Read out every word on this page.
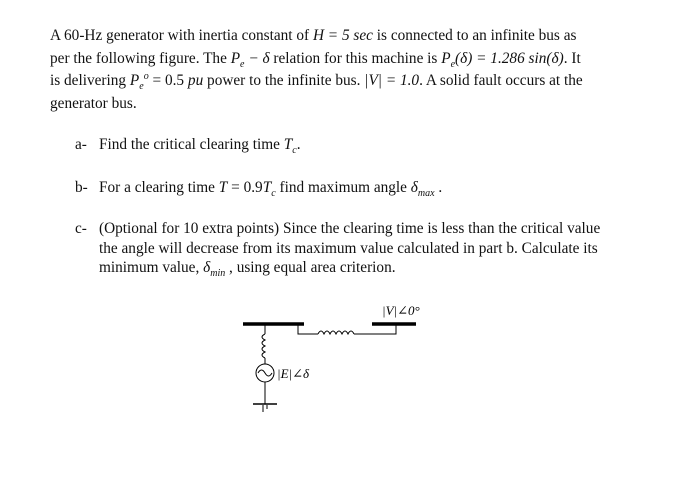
A 60-Hz generator with inertia constant of H = 5 sec is connected to an infinite bus as
per the following figure. The $P_e - \delta$ relation for this machine is $P_e(\delta) = 1.286$ sin(δ). It
is delivering $P_e^o = 0.5$ pu power to the infinite bus. |V| = 1.0. A solid fault occurs at the
generator bus.
a- Find the critical clearing time $T_c$.
b- For a clearing time $T = 0.9T_c$ find maximum angle $\delta_{max}$ .
c- (Optional for 10 extra points) Since the clearing time is less than the critical value
the angle will decrease from its maximum value calculated in part b. Calculate its
minimum value, $\delta_{min}$ , using equal area criterion.
|E|∠δ
|V|∠0°
